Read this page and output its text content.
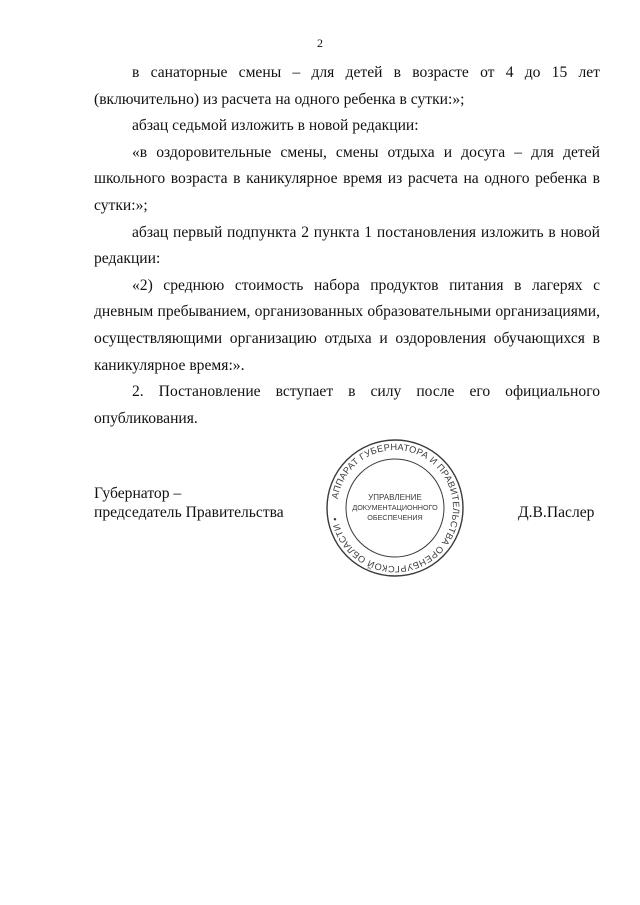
2

в санаторные смены – для детей в возрасте от 4 до 15 лет (включительно) из расчета на одного ребенка в сутки:»;

абзац седьмой изложить в новой редакции:

«в оздоровительные смены, смены отдыха и досуга – для детей школьного возраста в каникулярное время из расчета на одного ребенка в сутки:»;

абзац первый подпункта 2 пункта 1 постановления изложить в новой редакции:

«2) среднюю стоимость набора продуктов питания в лагерях с дневным пребыванием, организованных образовательными организациями, осуществляющими организацию отдыха и оздоровления обучающихся в каникулярное время:».

2. Постановление вступает в силу после его официального опубликования.

Губернатор –
председатель Правительства
АППАРАТ ГУБЕРНАТОРА И ПРАВИТЕЛЬСТВА ОРЕНБУРГСКОЙ ОБЛАСТИ •
УПРАВЛЕНИЕ
ДОКУМЕНТАЦИОННОГО
ОБЕСПЕЧЕНИЯ	Д.В.Паслер
